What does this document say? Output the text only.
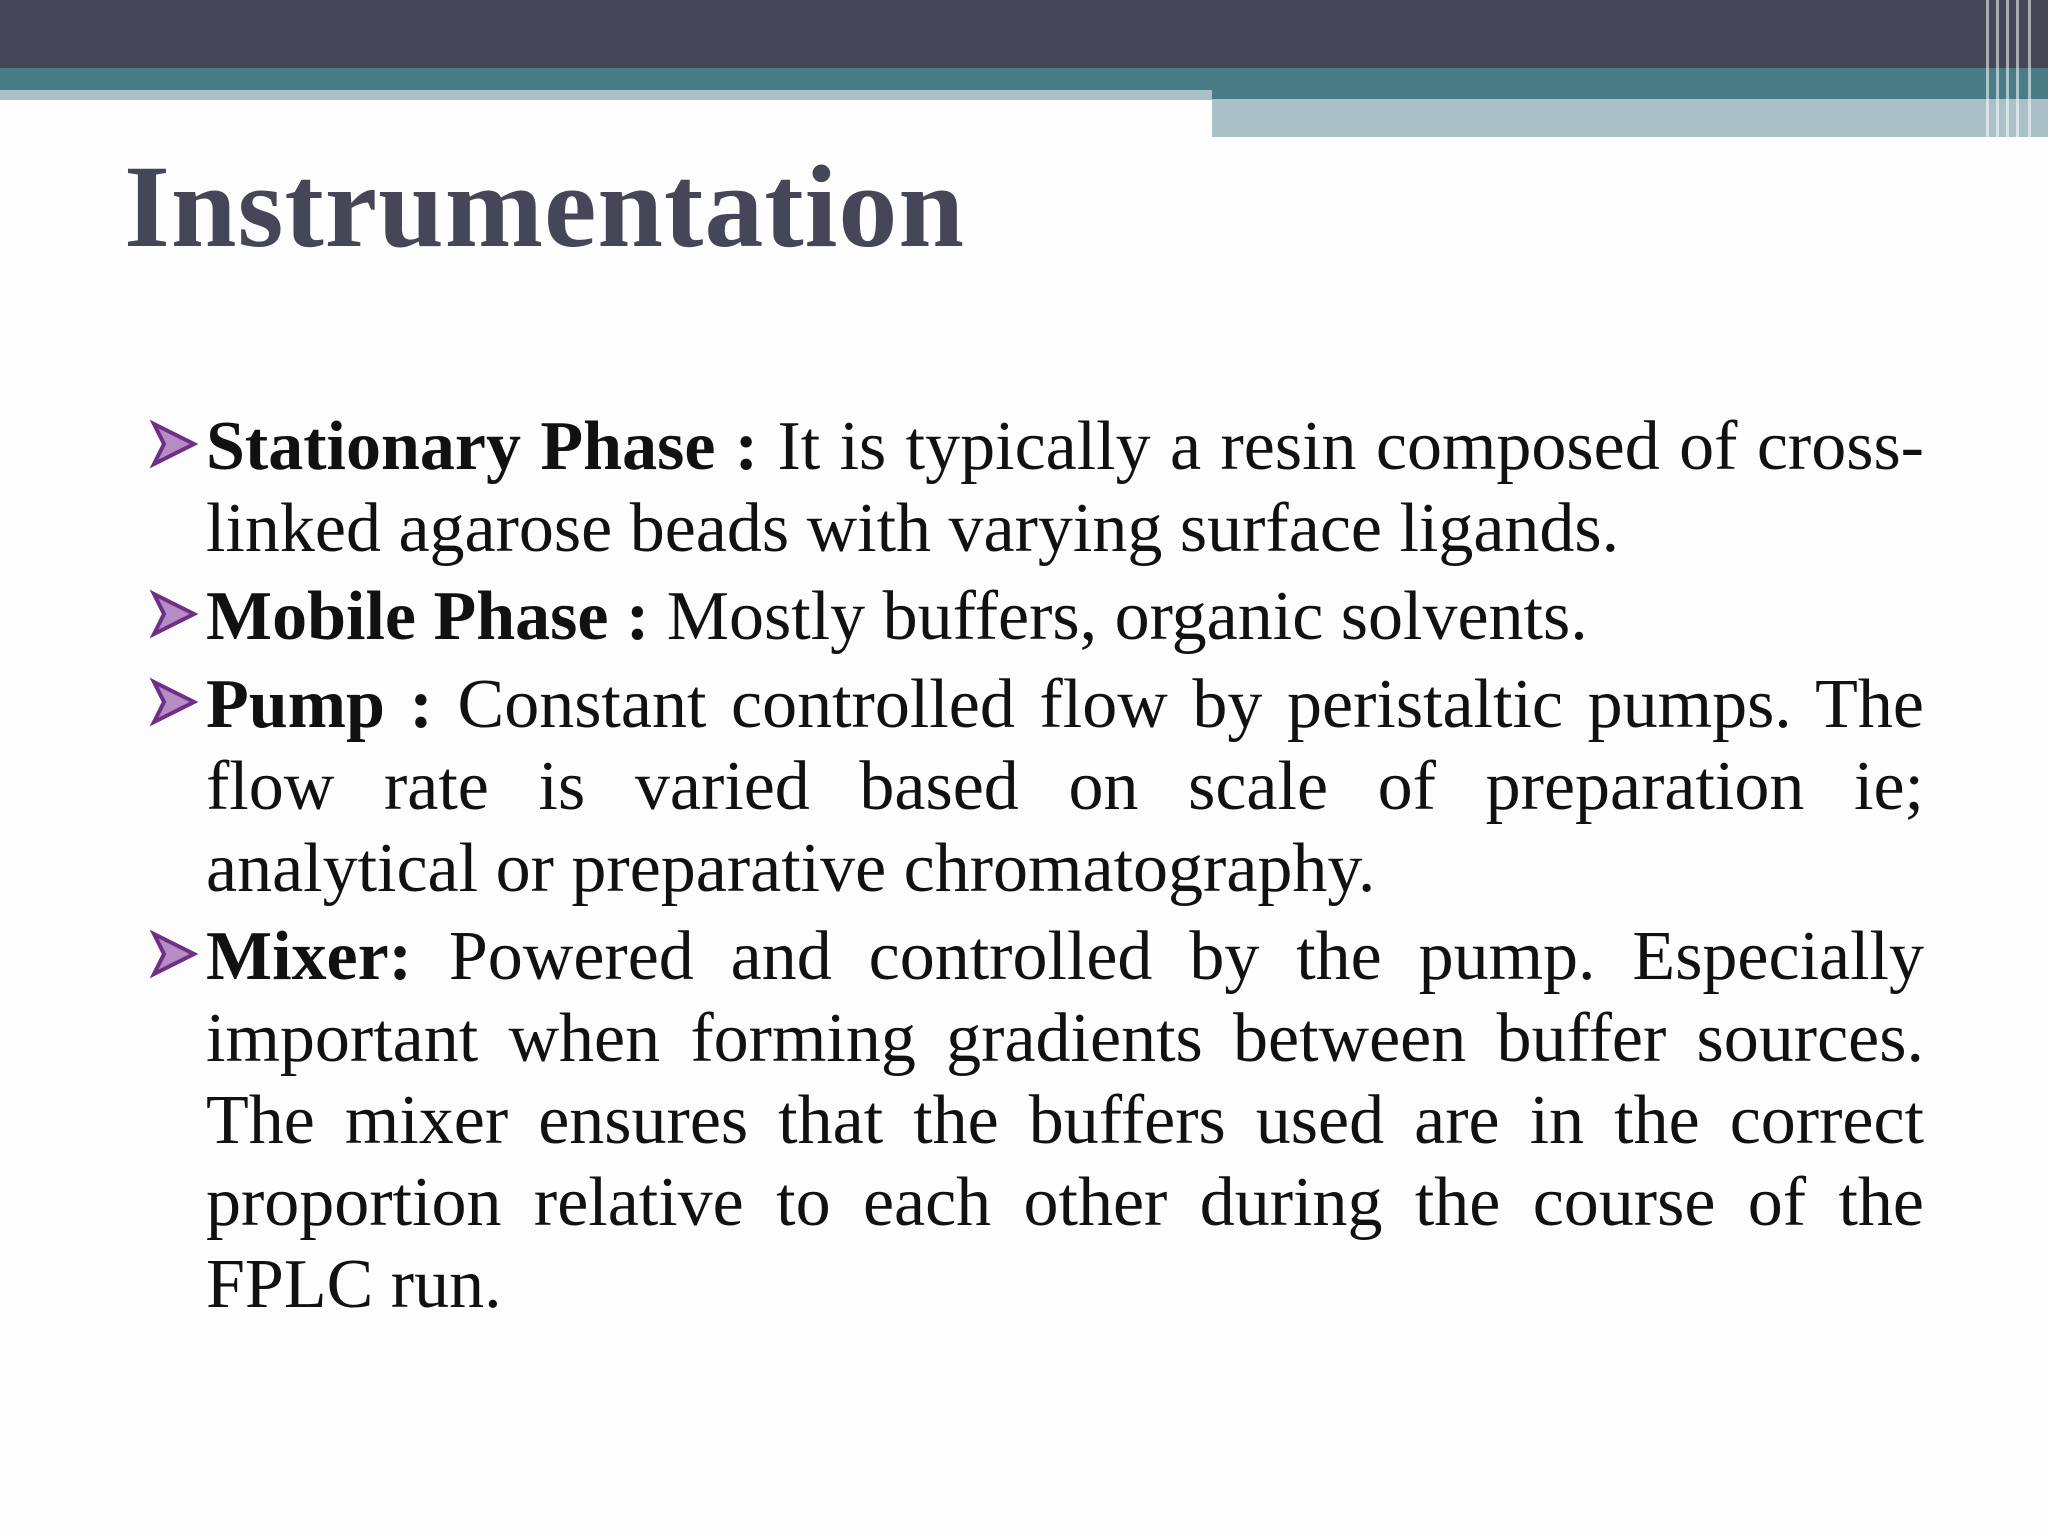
Instrumentation
Stationary Phase : It is typically a resin composed of cross-linked agarose beads with varying surface ligands.
Mobile Phase : Mostly buffers, organic solvents.
Pump : Constant controlled flow by peristaltic pumps. The flow rate is varied based on scale of preparation ie; analytical or preparative chromatography.
Mixer: Powered and controlled by the pump. Especially important when forming gradients between buffer sources. The mixer ensures that the buffers used are in the correct proportion relative to each other during the course of the FPLC run.
